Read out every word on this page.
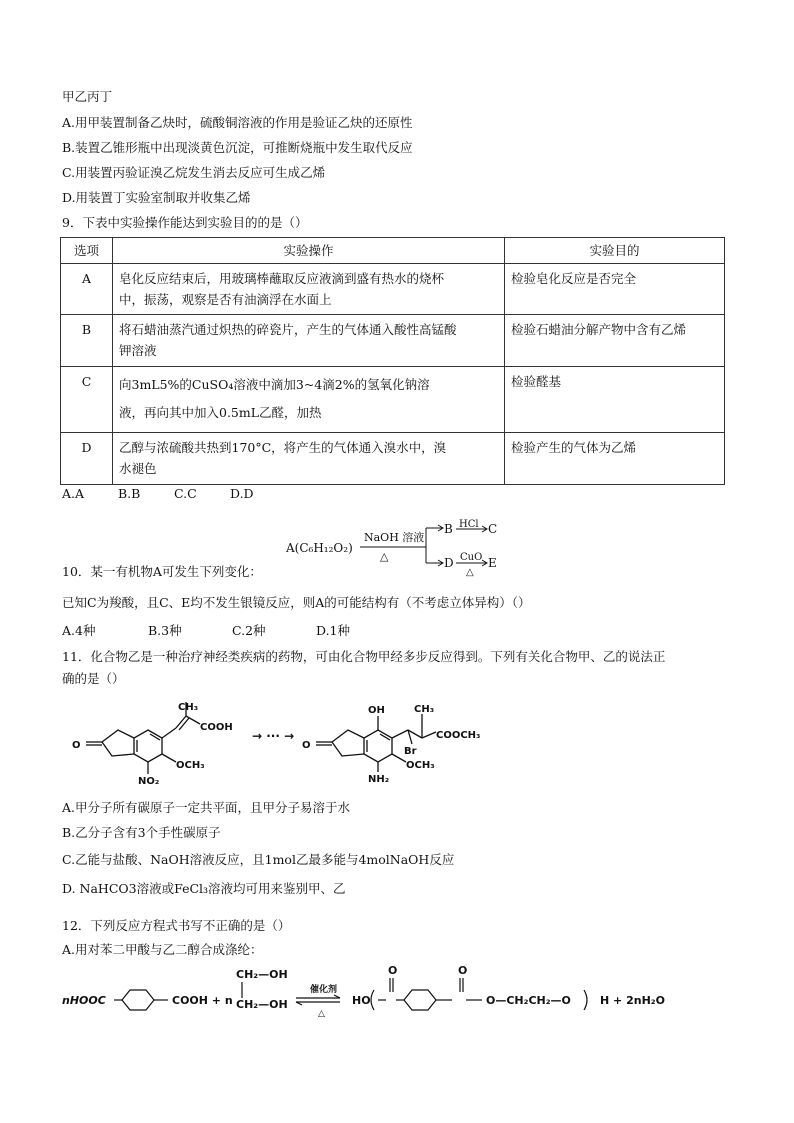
甲乙丙丁
A.用甲装置制备乙炔时，硫酸铜溶液的作用是验证乙炔的还原性
B.装置乙锥形瓶中出现淡黄色沉淀，可推断烧瓶中发生取代反应
C.用装置丙验证溴乙烷发生消去反应可生成乙烯
D.用装置丁实验室制取并收集乙烯
9．下表中实验操作能达到实验目的的是（）
选项	实验操作	实验目的
A	皂化反应结束后，用玻璃棒蘸取反应液滴到盛有热水的烧杯
中，振荡，观察是否有油滴浮在水面上	检验皂化反应是否完全
B	将石蜡油蒸汽通过炽热的碎瓷片，产生的气体通入酸性高锰酸
钾溶液	检验石蜡油分解产物中含有乙烯
C	向3mL5%的CuSO₄溶液中滴加3~4滴2%的氢氧化钠溶
液，再向其中加入0.5mL乙醛，加热	检验醛基
D	乙醇与浓硫酸共热到170°C，将产生的气体通入溴水中，溴
水褪色	检验产生的气体为乙烯
A.A	B.B	C.C	D.D
A(C₆H₁₂O₂)
NaOH 溶液
△
B HCl C
D CuO
△
E
10．某一有机物A可发生下列变化：
已知C为羧酸，且C、E均不发生银镜反应，则A的可能结构有（不考虑立体异构）（）
A.4种	B.3种	C.2种	D.1种
11．化合物乙是一种治疗神经类疾病的药物，可由化合物甲经多步反应得到。下列有关化合物甲、乙的说法正
确的是（）
O
CH₃
COOH
OCH₃
NO₂
→ ··· →
O
OH	CH₃
COOCH₃
Br
OCH₃
NH₂
A.甲分子所有碳原子一定共平面，且甲分子易溶于水
B.乙分子含有3个手性碳原子
C.乙能与盐酸、NaOH溶液反应，且1mol乙最多能与4molNaOH反应
D. NaHCO3溶液或FeCl₃溶液均可用来鉴别甲、乙
12．下列反应方程式书写不正确的是（）
A.用对苯二甲酸与乙二醇合成涤纶：
nHOOC	COOH + n
CH₂—OH
CH₂—OH
催化剂
△
HO
O	O
O—CH₂CH₂—O	H + 2nH₂O
